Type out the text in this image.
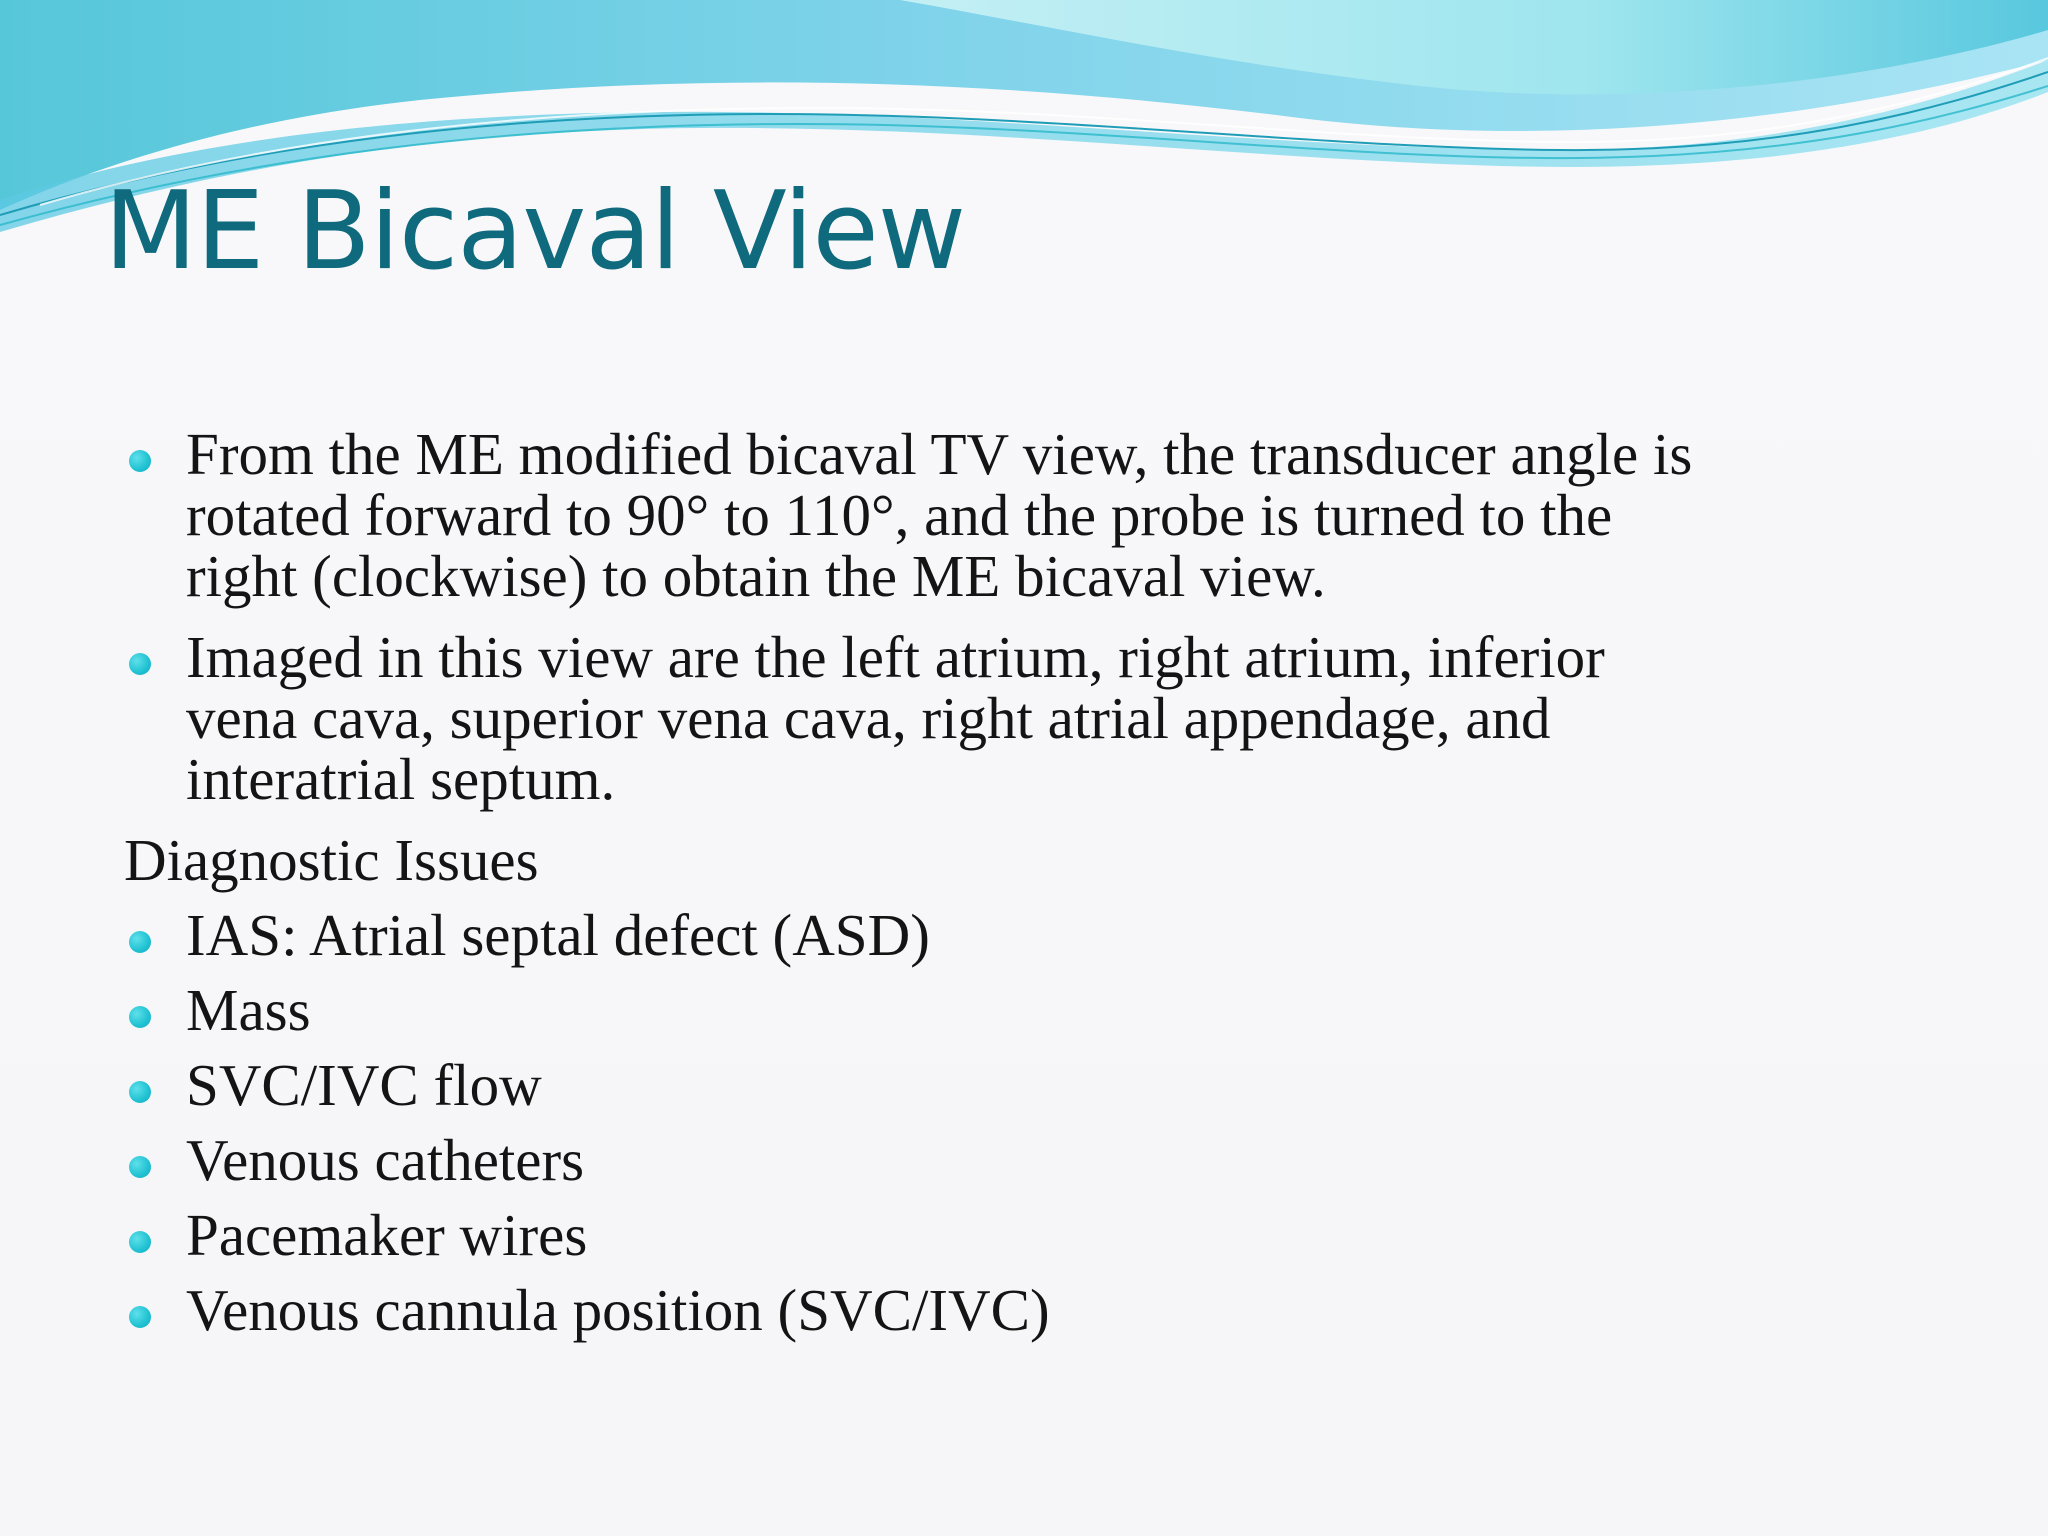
ME Bicaval View
From the ME modified bicaval TV view, the transducer angle is
rotated forward to 90° to 110°, and the probe is turned to the
right (clockwise) to obtain the ME bicaval view.
Imaged in this view are the left atrium, right atrium, inferior
vena cava, superior vena cava, right atrial appendage, and
interatrial septum.
Diagnostic Issues
IAS: Atrial septal defect (ASD)
Mass
SVC/IVC flow
Venous catheters
Pacemaker wires
Venous cannula position (SVC/IVC)
